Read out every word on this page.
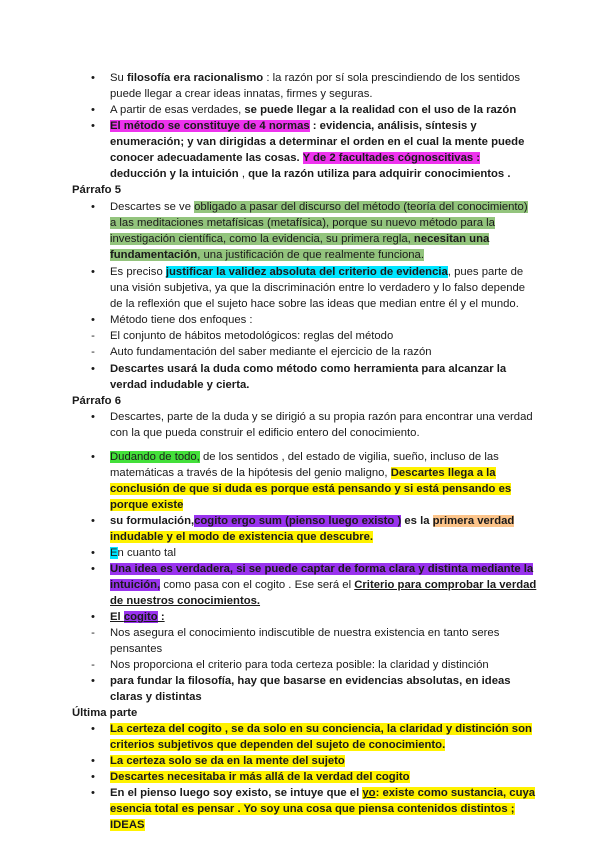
•	Su filosofía era racionalismo : la razón por sí sola prescindiendo de los sentidos
puede llegar a crear ideas innatas, firmes y seguras.
•	A partir de esas verdades, se puede llegar a la realidad con el uso de la razón
•	El método se constituye de 4 normas : evidencia, análisis, síntesis y
enumeración; y van dirigidas a determinar el orden en el cual la mente puede
conocer adecuadamente las cosas. Y de 2 facultades cógnoscitivas :
deducción y la intuición , que la razón utiliza para adquirir conocimientos .
Párrafo 5
•	Descartes se ve obligado a pasar del discurso del método (teoría del conocimiento)
a las meditaciones metafísicas (metafísica), porque su nuevo método para la
investigación científica, como la evidencia, su primera regla, necesitan una
fundamentación, una justificación de que realmente funciona.
•	Es preciso justificar la validez absoluta del criterio de evidencia, pues parte de
una visión subjetiva, ya que la discriminación entre lo verdadero y lo falso depende
de la reflexión que el sujeto hace sobre las ideas que median entre él y el mundo.
•	Método tiene dos enfoques :
-	El conjunto de hábitos metodológicos: reglas del método
-	Auto fundamentación del saber mediante el ejercicio de la razón
•	Descartes usará la duda como método como herramienta para alcanzar la
verdad indudable y cierta.
Párrafo 6
•	Descartes, parte de la duda y se dirigió a su propia razón para encontrar una verdad
con la que pueda construir el edificio entero del conocimiento.
•	Dudando de todo, de los sentidos , del estado de vigilia, sueño, incluso de las
matemáticas a través de la hipótesis del genio maligno, Descartes llega a la
conclusión de que si duda es porque está pensando y si está pensando es
porque existe
•	su formulación,cogito ergo sum (pienso luego existo ) es la primera verdad
indudable y el modo de existencia que descubre.
•	En cuanto tal
•	Una idea es verdadera, si se puede captar de forma clara y distinta mediante la
intuición, como pasa con el cogito . Ese será el Criterio para comprobar la verdad
de nuestros conocimientos.
•	El cogito :
-	Nos asegura el conocimiento indiscutible de nuestra existencia en tanto seres
pensantes
-	Nos proporciona el criterio para toda certeza posible: la claridad y distinción
•	para fundar la filosofía, hay que basarse en evidencias absolutas, en ideas
claras y distintas
Última parte
•	La certeza del cogito , se da solo en su conciencia, la claridad y distinción son
criterios subjetivos que dependen del sujeto de conocimiento.
•	La certeza solo se da en la mente del sujeto
•	Descartes necesitaba ir más allá de la verdad del cogito
•	En el pienso luego soy existo, se intuye que el yo: existe como sustancia, cuya
esencia total es pensar . Yo soy una cosa que piensa contenidos distintos ;
IDEAS
